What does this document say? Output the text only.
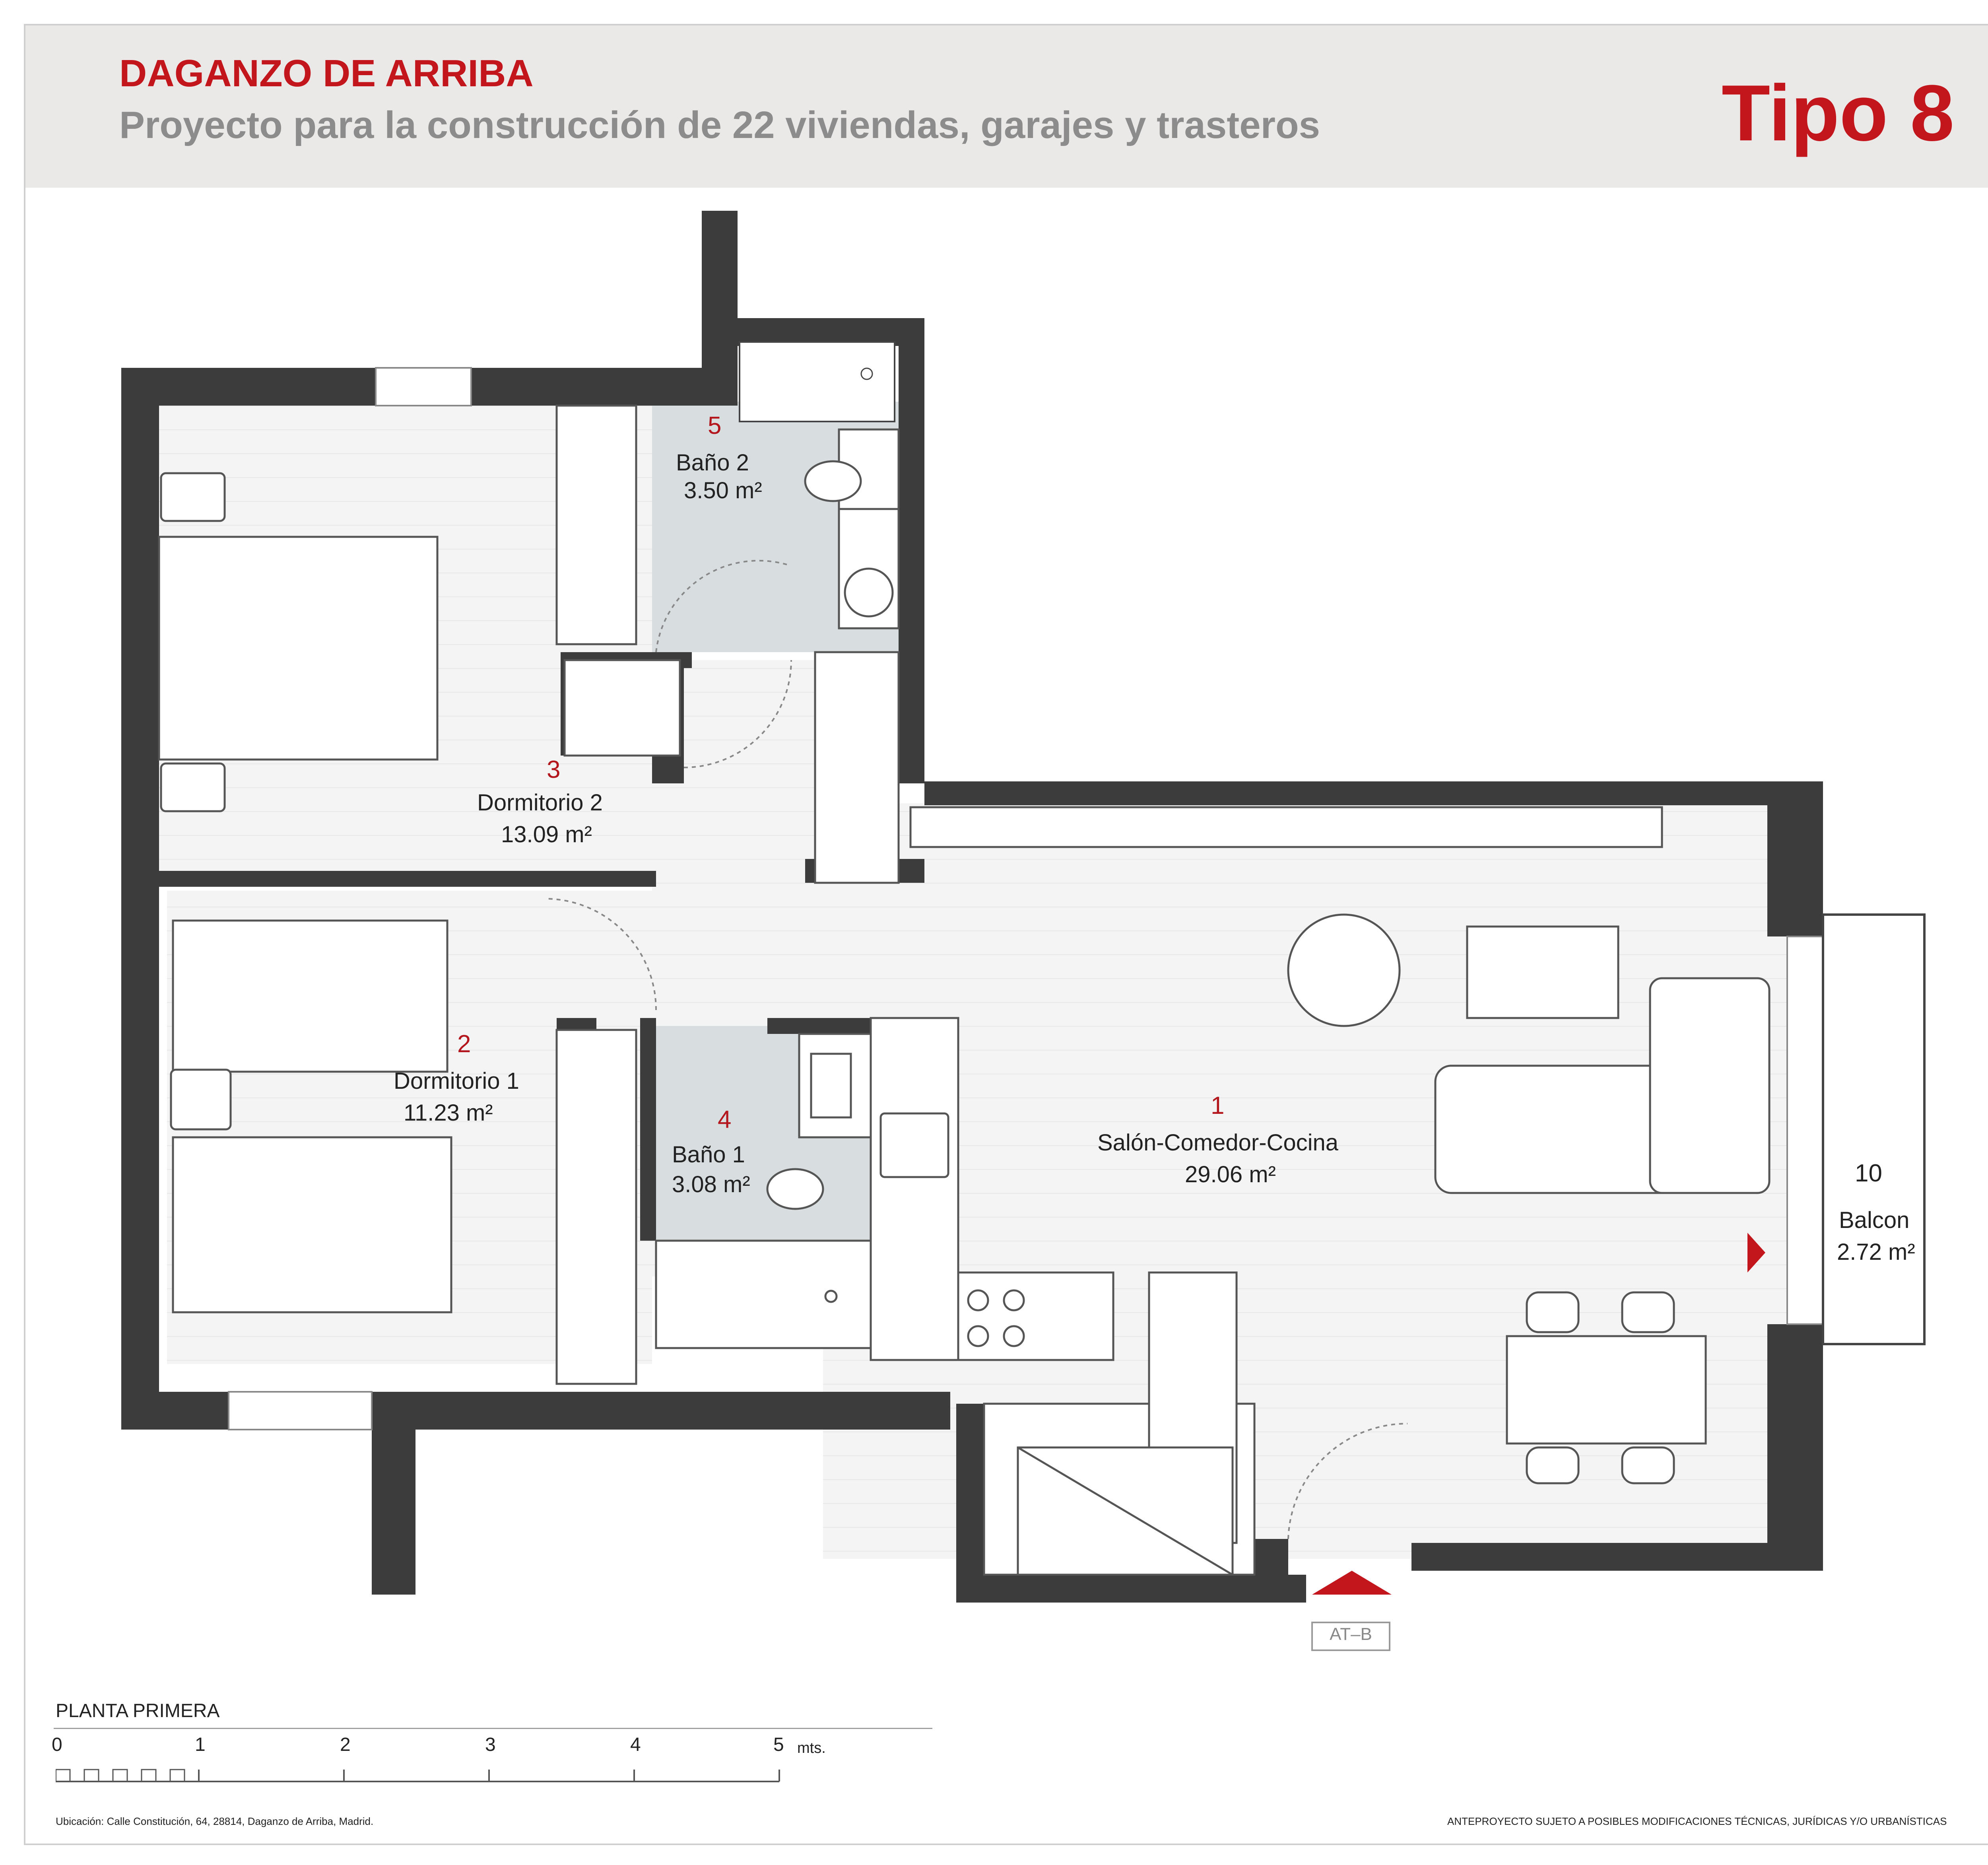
DAGANZO DE ARRIBA
Proyecto para la construcción de 22 viviendas, garajes y trasteros	Tipo 8
5
Baño 2
3.50 m²
3
Dormitorio 2
13.09 m²
2
Dormitorio 1
11.23 m²	4
Baño 1
3.08 m²
1
Salón-Comedor-Cocina
29.06 m²	10
Balcon
2.72 m²
AT–B
PLANTA PRIMERA
0	1	2	3	4	5 mts.
Ubicación: Calle Constitución, 64, 28814, Daganzo de Arriba, Madrid.	ANTEPROYECTO SUJETO A POSIBLES MODIFICACIONES TÉCNICAS, JURÍDICAS Y/O URBANÍSTICAS
